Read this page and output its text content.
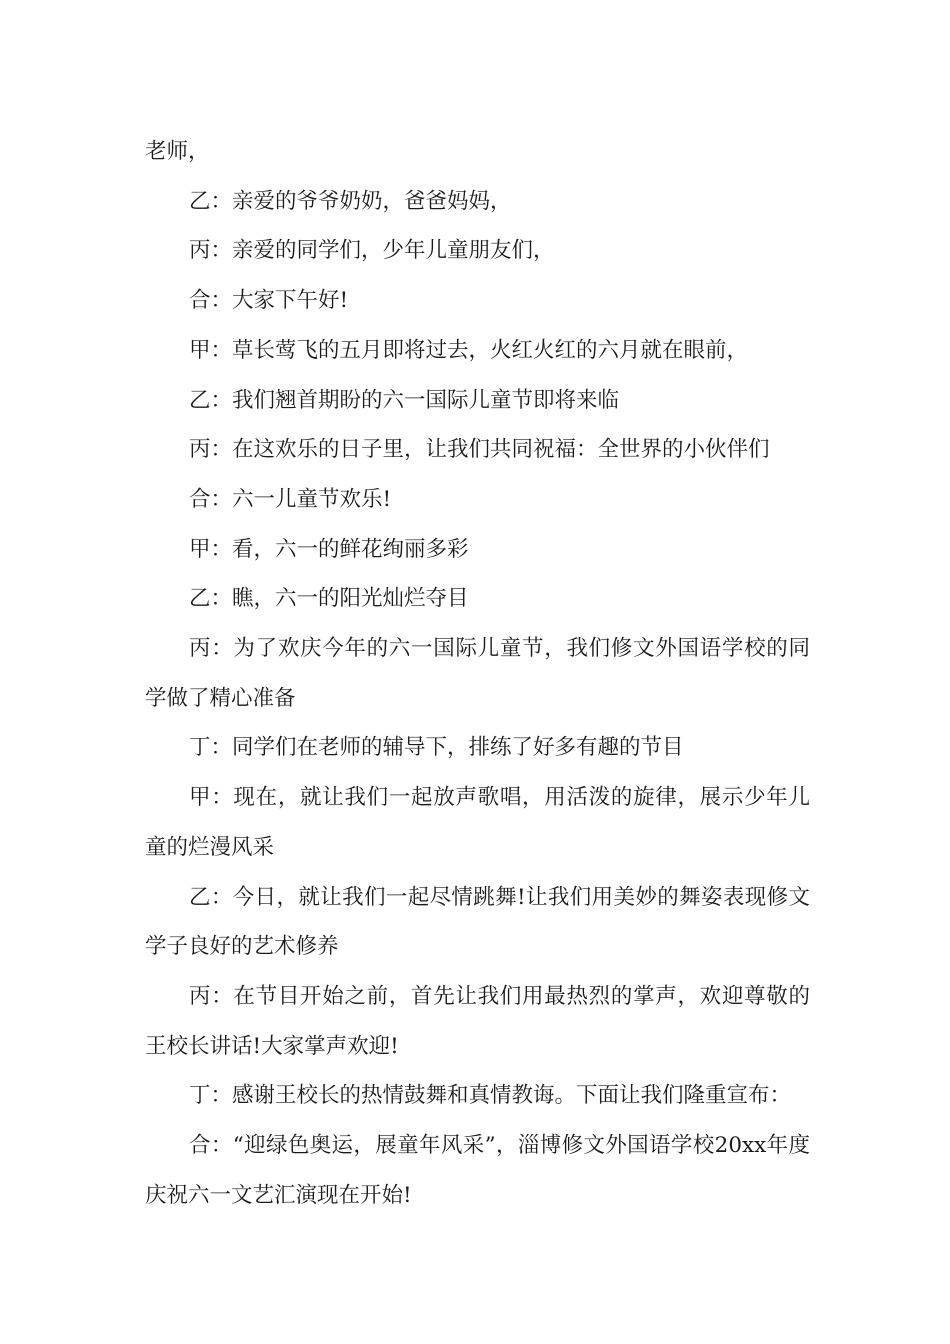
老师，

乙：亲爱的爷爷奶奶，爸爸妈妈，

丙：亲爱的同学们，少年儿童朋友们，

合：大家下午好!

甲：草长莺飞的五月即将过去，火红火红的六月就在眼前，

乙：我们翘首期盼的六一国际儿童节即将来临

丙：在这欢乐的日子里，让我们共同祝福：全世界的小伙伴们

合：六一儿童节欢乐!

甲：看，六一的鲜花绚丽多彩

乙：瞧，六一的阳光灿烂夺目

丙：为了欢庆今年的六一国际儿童节，我们修文外国语学校的同学做了精心准备

丁：同学们在老师的辅导下，排练了好多有趣的节目

甲：现在，就让我们一起放声歌唱，用活泼的旋律，展示少年儿童的烂漫风采

乙：今日，就让我们一起尽情跳舞!让我们用美妙的舞姿表现修文学子良好的艺术修养

丙：在节目开始之前，首先让我们用最热烈的掌声，欢迎尊敬的王校长讲话!大家掌声欢迎!

丁：感谢王校长的热情鼓舞和真情教诲。下面让我们隆重宣布：

合：“迎绿色奥运，展童年风采”，淄博修文外国语学校20xx年度庆祝六一文艺汇演现在开始!
